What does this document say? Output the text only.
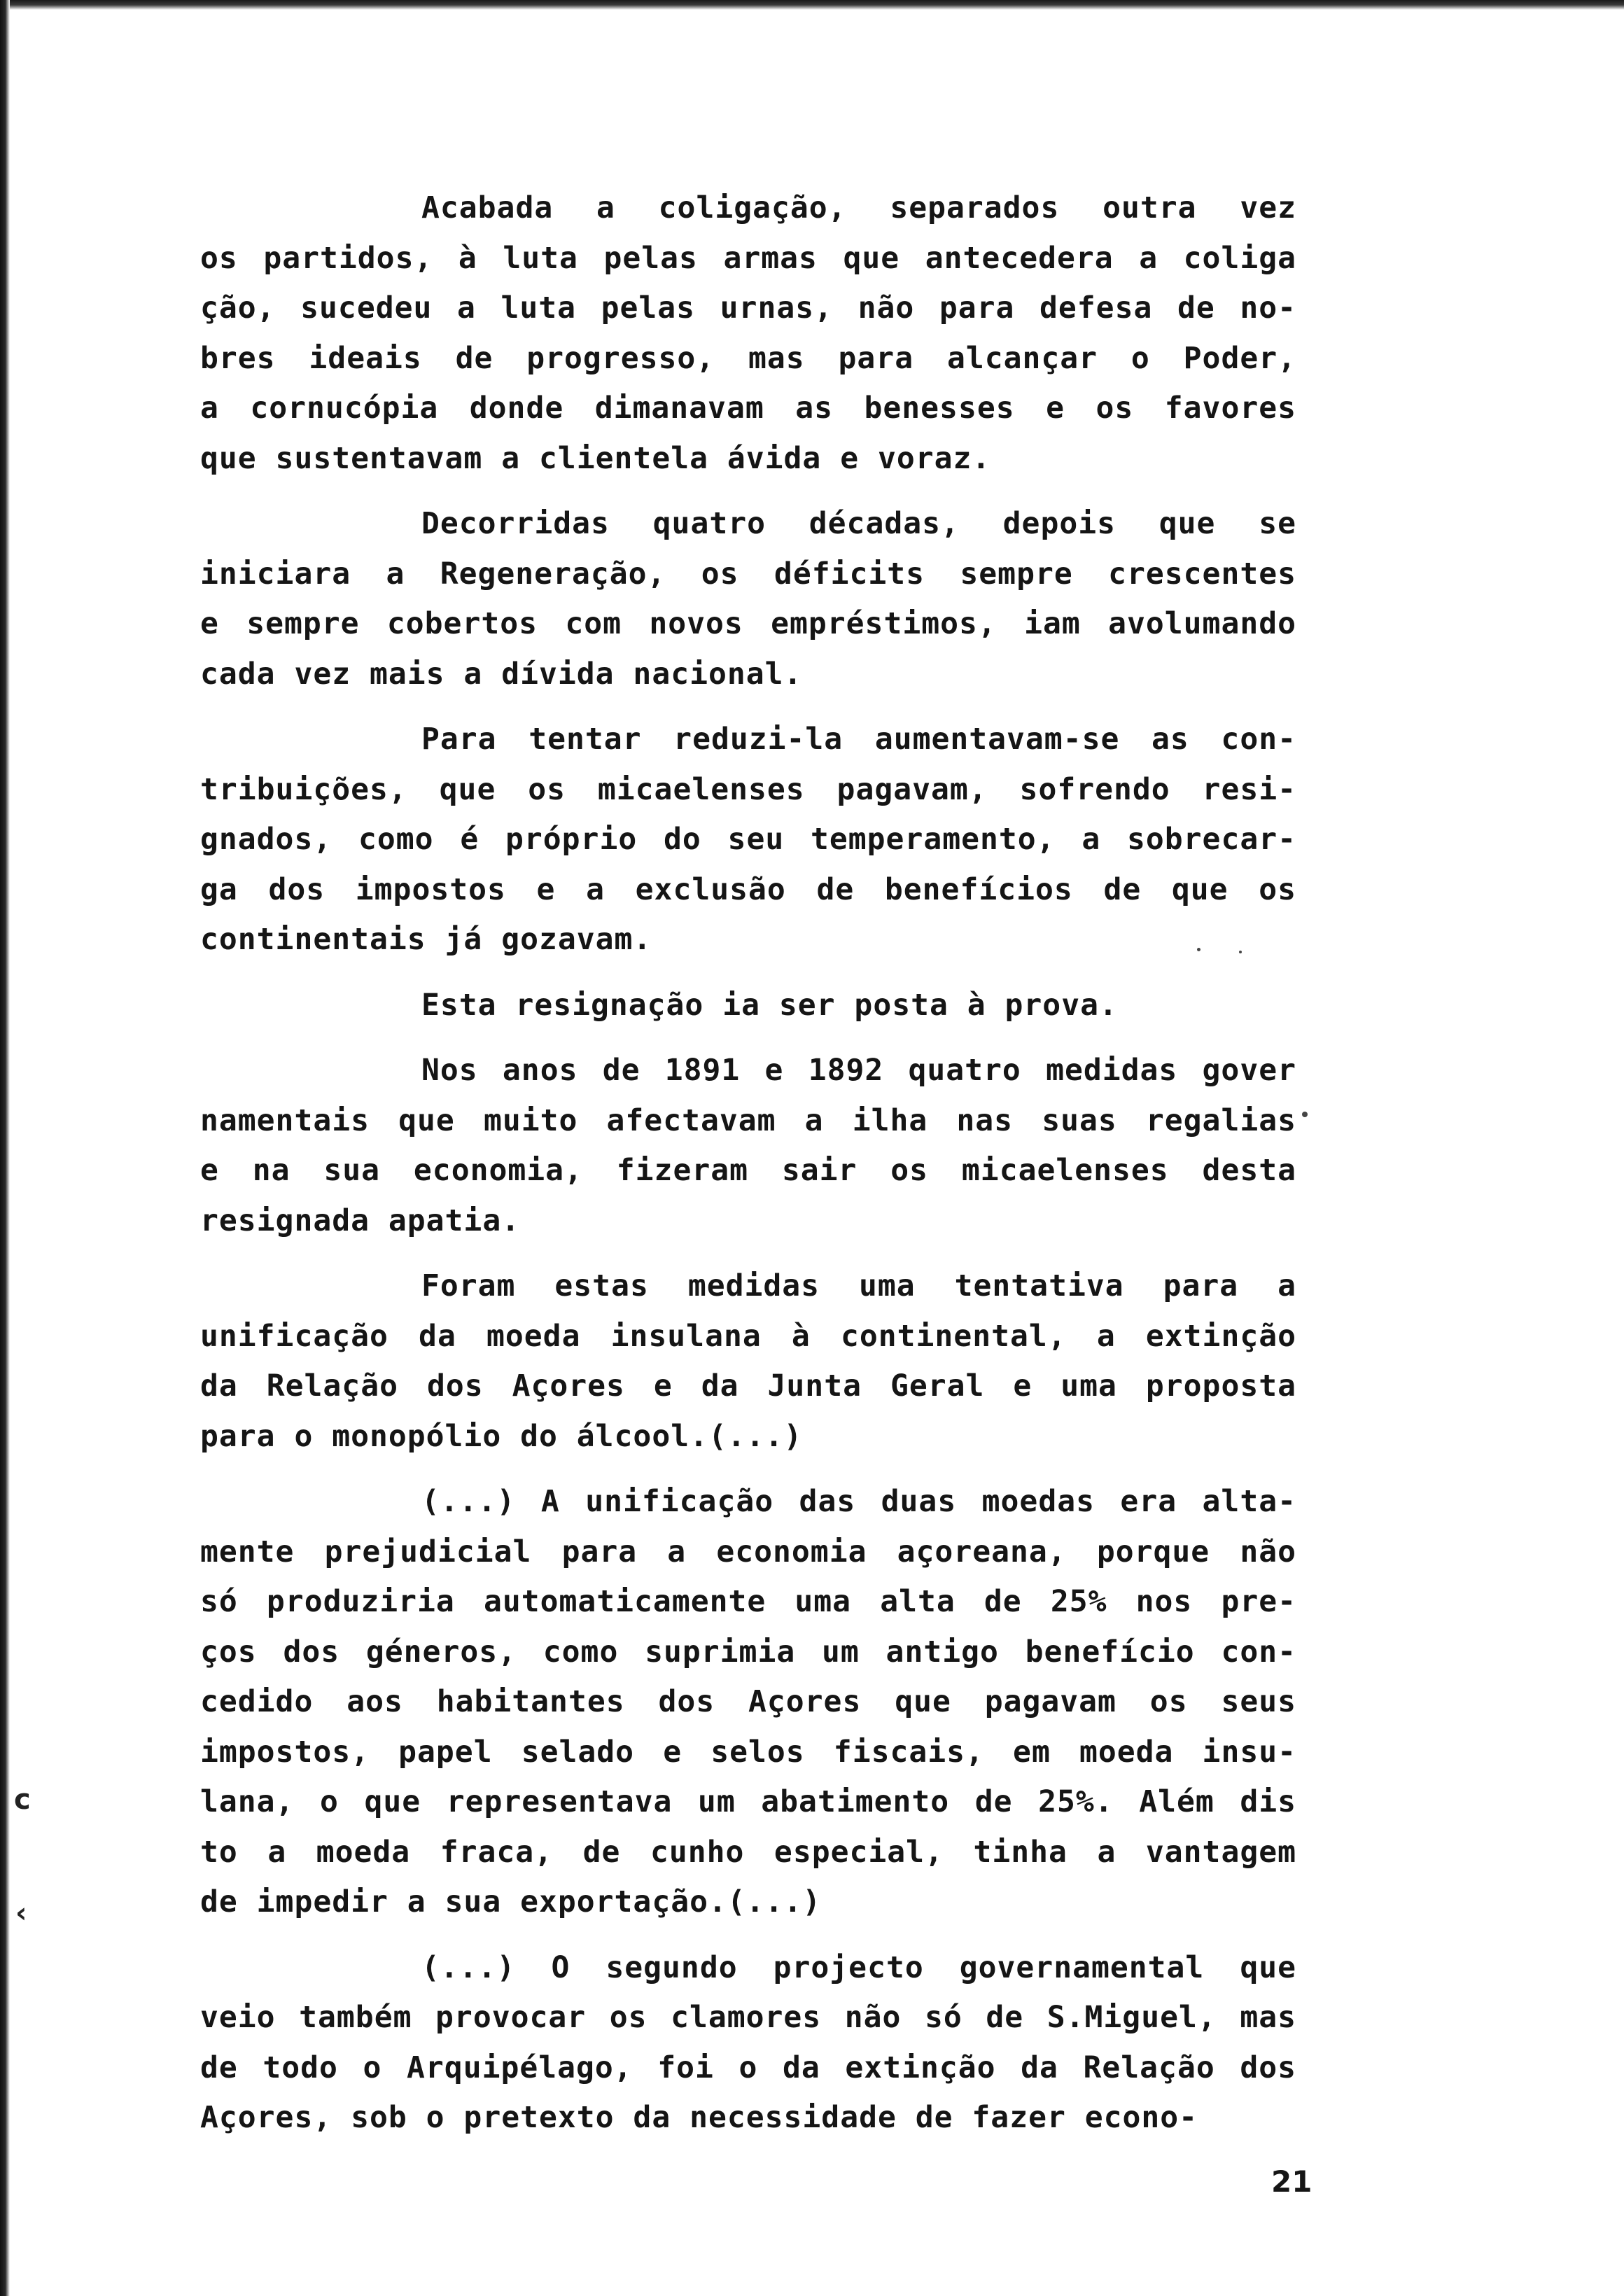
Acabada a coligação, separados outra vez
os partidos, à luta pelas armas que antecedera a coliga
ção, sucedeu a luta pelas urnas, não para defesa de no-
bres ideais de progresso, mas para alcançar o Poder,
a cornucópia donde dimanavam as benesses e os favores
que sustentavam a clientela ávida e voraz.
Decorridas quatro décadas, depois que se
iniciara a Regeneração, os déficits sempre crescentes
e sempre cobertos com novos empréstimos, iam avolumando
cada vez mais a dívida nacional.
Para tentar reduzi-la aumentavam-se as con-
tribuições, que os micaelenses pagavam, sofrendo resi-
gnados, como é próprio do seu temperamento, a sobrecar-
ga dos impostos e a exclusão de benefícios de que os
continentais já gozavam.
Esta resignação ia ser posta à prova.
Nos anos de 1891 e 1892 quatro medidas gover
namentais que muito afectavam a ilha nas suas regalias
e na sua economia, fizeram sair os micaelenses desta
resignada apatia.
Foram estas medidas uma tentativa para a
unificação da moeda insulana à continental, a extinção
da Relação dos Açores e da Junta Geral e uma proposta
para o monopólio do álcool.(...)
(...) A unificação das duas moedas era alta-
mente prejudicial para a economia açoreana, porque não
só produziria automaticamente uma alta de 25% nos pre-
ços dos géneros, como suprimia um antigo benefício con-
cedido aos habitantes dos Açores que pagavam os seus
impostos, papel selado e selos fiscais, em moeda insu-
lana, o que representava um abatimento de 25%. Além dis
to a moeda fraca, de cunho especial, tinha a vantagem
de impedir a sua exportação.(...)
(...) O segundo projecto governamental que
veio também provocar os clamores não só de S.Miguel, mas
de todo o Arquipélago, foi o da extinção da Relação dos
Açores, sob o pretexto da necessidade de fazer econo-
21
c
‹
